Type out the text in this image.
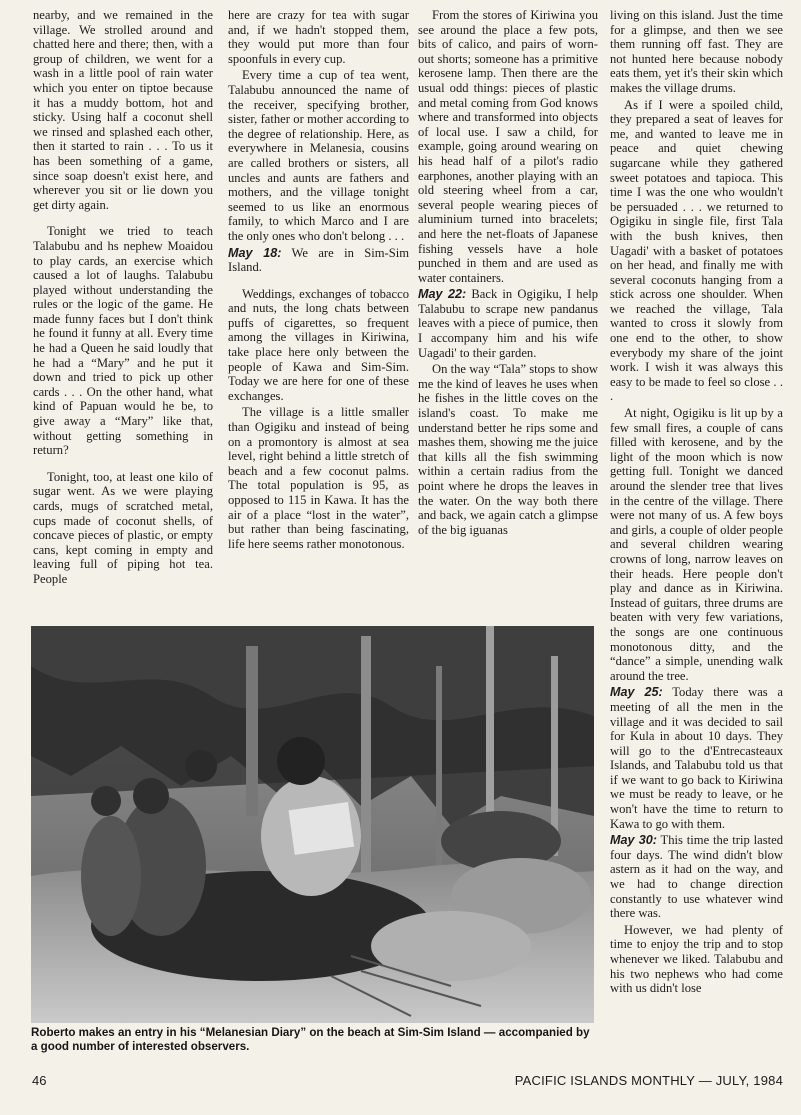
nearby, and we remained in the village. We strolled around and chatted here and there; then, with a group of children, we went for a wash in a little pool of rain water which you enter on tiptoe because it has a muddy bottom, hot and sticky. Using half a coconut shell we rinsed and splashed each other, then it started to rain . . . To us it has been something of a game, since soap doesn't exist here, and wherever you sit or lie down you get dirty again.

Tonight we tried to teach Talabubu and hs nephew Moaidou to play cards, an exercise which caused a lot of laughs. Talabubu played without understanding the rules or the logic of the game. He made funny faces but I don't think he found it funny at all. Every time he had a Queen he said loudly that he had a “Mary” and he put it down and tried to pick up other cards . . . On the other hand, what kind of Papuan would he be, to give away a “Mary” like that, without getting something in return?

Tonight, too, at least one kilo of sugar went. As we were playing cards, mugs of scratched metal, cups made of coconut shells, of concave pieces of plastic, or empty cans, kept coming in empty and leaving full of piping hot tea. People

here are crazy for tea with sugar and, if we hadn't stopped them, they would put more than four spoonfuls in every cup.

Every time a cup of tea went, Talabubu announced the name of the receiver, specifying brother, sister, father or mother according to the degree of relationship. Here, as everywhere in Melanesia, cousins are called brothers or sisters, all uncles and aunts are fathers and mothers, and the village tonight seemed to us like an enormous family, to which Marco and I are the only ones who don't belong . . .

May 18: We are in Sim-Sim Island.

Weddings, exchanges of tobacco and nuts, the long chats between puffs of cigarettes, so frequent among the villages in Kiriwina, take place here only between the people of Kawa and Sim-Sim. Today we are here for one of these exchanges.

The village is a little smaller than Ogigiku and instead of being on a promontory is almost at sea level, right behind a little stretch of beach and a few coconut palms. The total population is 95, as opposed to 115 in Kawa. It has the air of a place “lost in the water”, but rather than being fascinating, life here seems rather monotonous.

From the stores of Kiriwina you see around the place a few pots, bits of calico, and pairs of worn-out shorts; someone has a primitive kerosene lamp. Then there are the usual odd things: pieces of plastic and metal coming from God knows where and transformed into objects of local use. I saw a child, for example, going around wearing on his head half of a pilot's radio earphones, another playing with an old steering wheel from a car, several people wearing pieces of aluminium turned into bracelets; and here the net-floats of Japanese fishing vessels have a hole punched in them and are used as water containers.

May 22: Back in Ogigiku, I help Talabubu to scrape new pandanus leaves with a piece of pumice, then I accompany him and his wife Uagadi' to their garden.

On the way “Tala” stops to show me the kind of leaves he uses when he fishes in the little coves on the island's coast. To make me understand better he rips some and mashes them, showing me the juice that kills all the fish swimming within a certain radius from the point where he drops the leaves in the water. On the way both there and back, we again catch a glimpse of the big iguanas

living on this island. Just the time for a glimpse, and then we see them running off fast. They are not hunted here because nobody eats them, yet it's their skin which makes the village drums.

As if I were a spoiled child, they prepared a seat of leaves for me, and wanted to leave me in peace and quiet chewing sugarcane while they gathered sweet potatoes and tapioca. This time I was the one who wouldn't be persuaded . . . we returned to Ogigiku in single file, first Tala with the bush knives, then Uagadi' with a basket of potatoes on her head, and finally me with several coconuts hanging from a stick across one shoulder. When we reached the village, Tala wanted to cross it slowly from one end to the other, to show everybody my share of the joint work. I wish it was always this easy to be made to feel so close . . .

At night, Ogigiku is lit up by a few small fires, a couple of cans filled with kerosene, and by the light of the moon which is now getting full. Tonight we danced around the slender tree that lives in the centre of the village. There were not many of us. A few boys and girls, a couple of older people and several children wearing crowns of long, narrow leaves on their heads. Here people don't play and dance as in Kiriwina. Instead of guitars, three drums are beaten with very few variations, the songs are one continuous monotonous ditty, and the “dance” a simple, unending walk around the tree.

May 25: Today there was a meeting of all the men in the village and it was decided to sail for Kula in about 10 days. They will go to the d'Entrecasteaux Islands, and Talabubu told us that if we want to go back to Kiriwina we must be ready to leave, or he won't have the time to return to Kawa to go with them.

May 30: This time the trip lasted four days. The wind didn't blow astern as it had on the way, and we had to change direction constantly to use whatever wind there was.

However, we had plenty of time to enjoy the trip and to stop whenever we liked. Talabubu and his two nephews who had come with us didn't lose

Roberto makes an entry in his “Melanesian Diary” on the beach at Sim-Sim Island — accompanied by a good number of interested observers.
46	PACIFIC ISLANDS MONTHLY — JULY, 1984
